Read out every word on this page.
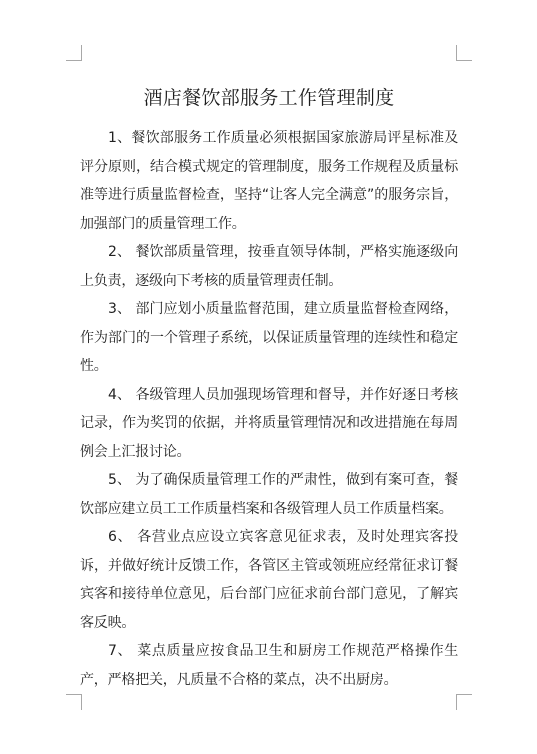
酒店餐饮部服务工作管理制度

1、餐饮部服务工作质量必须根据国家旅游局评星标准及评分原则，结合模式规定的管理制度，服务工作规程及质量标准等进行质量监督检查，坚持“让客人完全满意”的服务宗旨，加强部门的质量管理工作。

2、 餐饮部质量管理，按垂直领导体制，严格实施逐级向上负责，逐级向下考核的质量管理责任制。

3、 部门应划小质量监督范围，建立质量监督检查网络，作为部门的一个管理子系统，以保证质量管理的连续性和稳定性。

4、 各级管理人员加强现场管理和督导，并作好逐日考核记录，作为奖罚的依据，并将质量管理情况和改进措施在每周例会上汇报讨论。

5、 为了确保质量管理工作的严肃性，做到有案可查，餐饮部应建立员工工作质量档案和各级管理人员工作质量档案。

6、 各营业点应设立宾客意见征求表，及时处理宾客投诉，并做好统计反馈工作，各管区主管或领班应经常征求订餐宾客和接待单位意见，后台部门应征求前台部门意见，了解宾客反映。

7、 菜点质量应按食品卫生和厨房工作规范严格操作生产，严格把关，凡质量不合格的菜点，决不出厨房。
